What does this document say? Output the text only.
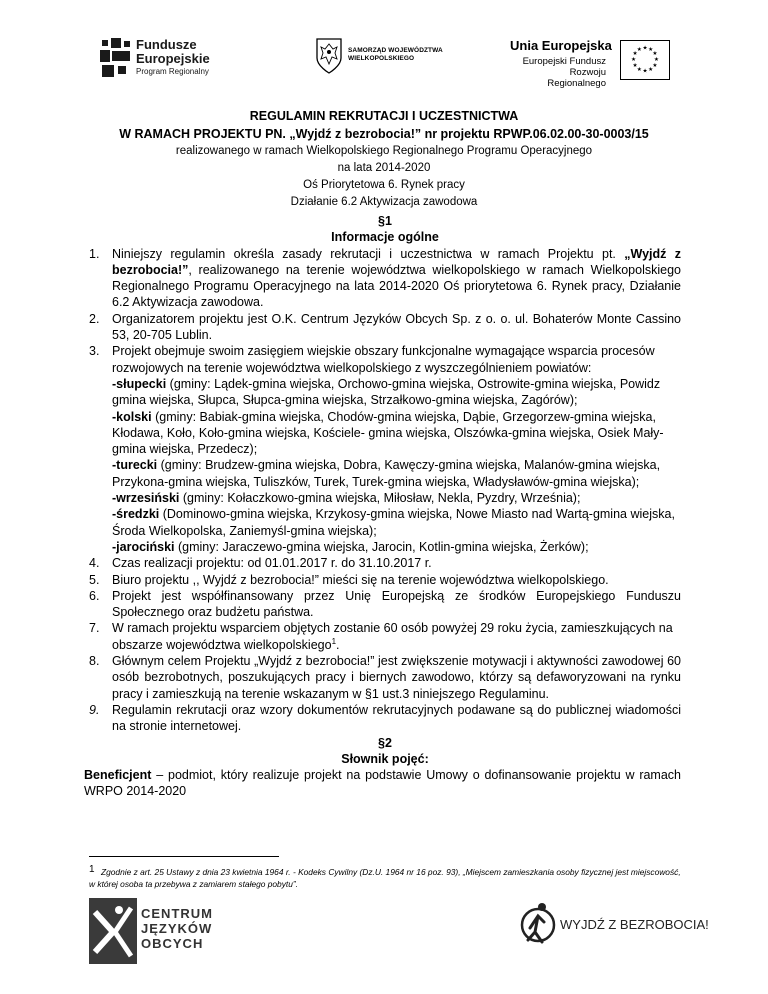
Fundusze
Europejskie
Program Regionalny
SAMORZĄD WOJEWÓDZTWA
WIELKOPOLSKIEGO
Unia Europejska
Europejski Fundusz
Rozwoju Regionalnego
★ ★
★
★
★
★
★
★
★
★
★
★
REGULAMIN REKRUTACJI I UCZESTNICTWA
W RAMACH PROJEKTU PN. „Wyjdź z bezrobocia!” nr projektu RPWP.06.02.00-30-0003/15
realizowanego w ramach Wielkopolskiego Regionalnego Programu Operacyjnego
na lata 2014-2020
Oś Priorytetowa 6. Rynek pracy
Działanie 6.2 Aktywizacja zawodowa
§1
Informacje ogólne
1. Niniejszy regulamin określa zasady rekrutacji i uczestnictwa w ramach Projektu pt. „Wyjdź z bezrobocia!”, realizowanego na terenie województwa wielkopolskiego w ramach Wielkopolskiego Regionalnego Programu Operacyjnego na lata 2014-2020 Oś priorytetowa 6. Rynek pracy, Działanie 6.2 Aktywizacja zawodowa.
2. Organizatorem projektu jest O.K. Centrum Języków Obcych Sp. z o. o. ul. Bohaterów Monte Cassino 53, 20-705 Lublin.
3. Projekt obejmuje swoim zasięgiem wiejskie obszary funkcjonalne wymagające wsparcia procesów rozwojowych na terenie województwa wielkopolskiego z wyszczególnieniem powiatów:
-słupecki (gminy: Lądek-gmina wiejska, Orchowo-gmina wiejska, Ostrowite-gmina wiejska, Powidz gmina wiejska, Słupca, Słupca-gmina wiejska, Strzałkowo-gmina wiejska, Zagórów);
-kolski (gminy: Babiak-gmina wiejska, Chodów-gmina wiejska, Dąbie, Grzegorzew-gmina wiejska, Kłodawa, Koło, Koło-gmina wiejska, Kościele- gmina wiejska, Olszówka-gmina wiejska, Osiek Mały-gmina wiejska, Przedecz);
-turecki (gminy: Brudzew-gmina wiejska, Dobra, Kawęczy-gmina wiejska, Malanów-gmina wiejska, Przykona-gmina wiejska, Tuliszków, Turek, Turek-gmina wiejska, Władysławów-gmina wiejska);
-wrzesiński (gminy: Kołaczkowo-gmina wiejska, Miłosław, Nekla, Pyzdry, Września);
-średzki (Dominowo-gmina wiejska, Krzykosy-gmina wiejska, Nowe Miasto nad Wartą-gmina wiejska, Środa Wielkopolska, Zaniemyśl-gmina wiejska);
-jarociński (gminy: Jaraczewo-gmina wiejska, Jarocin, Kotlin-gmina wiejska, Żerków);
4. Czas realizacji projektu: od 01.01.2017 r. do 31.10.2017 r.
5. Biuro projektu ,, Wyjdź z bezrobocia!” mieści się na terenie województwa wielkopolskiego.
6. Projekt jest współfinansowany przez Unię Europejską ze środków Europejskiego Funduszu Społecznego oraz budżetu państwa.
7. W ramach projektu wsparciem objętych zostanie 60 osób powyżej 29 roku życia, zamieszkujących na obszarze województwa wielkopolskiego$^1$.
8. Głównym celem Projektu „Wyjdź z bezrobocia!” jest zwiększenie motywacji i aktywności zawodowej 60 osób bezrobotnych, poszukujących pracy i biernych zawodowo, którzy są defaworyzowani na rynku pracy i zamieszkują na terenie wskazanym w §1 ust.3 niniejszego Regulaminu.
9. Regulamin rekrutacji oraz wzory dokumentów rekrutacyjnych podawane są do publicznej wiadomości na stronie internetowej.
§2
Słownik pojęć:
Beneficjent – podmiot, który realizuje projekt na podstawie Umowy o dofinansowanie projektu w ramach WRPO 2014-2020
1 Zgodnie z art. 25 Ustawy z dnia 23 kwietnia 1964 r. - Kodeks Cywilny (Dz.U. 1964 nr 16 poz. 93), „Miejscem zamieszkania osoby fizycznej jest miejscowość, w której osoba ta przebywa z zamiarem stałego pobytu”.
CENTRUM
JĘZYKÓW
OBCYCH
WYJDŹ Z BEZROBOCIA!
